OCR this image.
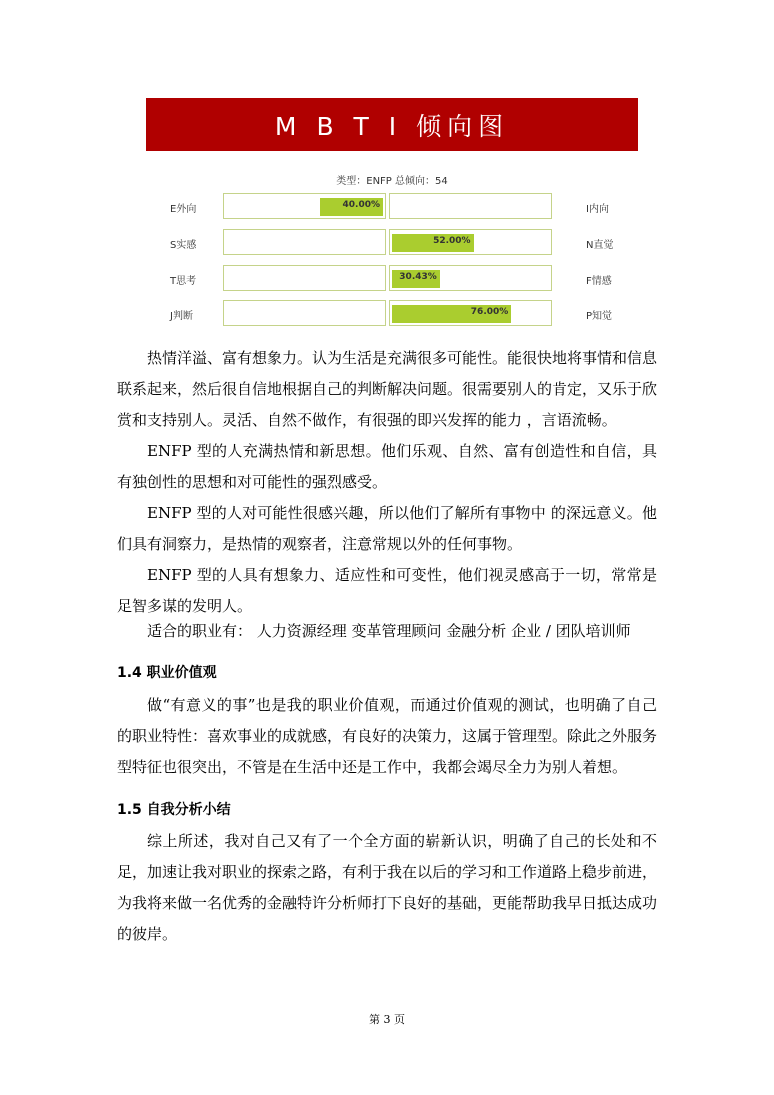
M B T I 倾向图
类型：ENFP 总倾向：54
E外向	40.00%	I内向
S实感	52.00%	N直觉
T思考	30.43%	F情感
J判断	76.00%	P知觉

热情洋溢、富有想象力。认为生活是充满很多可能性。能很快地将事情和信息联系起来，然后很自信地根据自己的判断解决问题。很需要别人的肯定，又乐于欣赏和支持别人。灵活、自然不做作，有很强的即兴发挥的能力 ，言语流畅。

ENFP 型的人充满热情和新思想。他们乐观、自然、富有创造性和自信，具有独创性的思想和对可能性的强烈感受。

ENFP 型的人对可能性很感兴趣，所以他们了解所有事物中 的深远意义。他们具有洞察力，是热情的观察者，注意常规以外的任何事物。

ENFP 型的人具有想象力、适应性和可变性，他们视灵感高于一切，常常是足智多谋的发明人。

适合的职业有： 人力资源经理 变革管理顾问 金融分析 企业 / 团队培训师

1.4 职业价值观

做“有意义的事”也是我的职业价值观，而通过价值观的测试，也明确了自己的职业特性：喜欢事业的成就感，有良好的决策力，这属于管理型。除此之外服务型特征也很突出，不管是在生活中还是工作中，我都会竭尽全力为别人着想。

1.5 自我分析小结

综上所述，我对自己又有了一个全方面的崭新认识，明确了自己的长处和不足，加速让我对职业的探索之路，有利于我在以后的学习和工作道路上稳步前进，为我将来做一名优秀的金融特许分析师打下良好的基础，更能帮助我早日抵达成功的彼岸。

第 3 页
